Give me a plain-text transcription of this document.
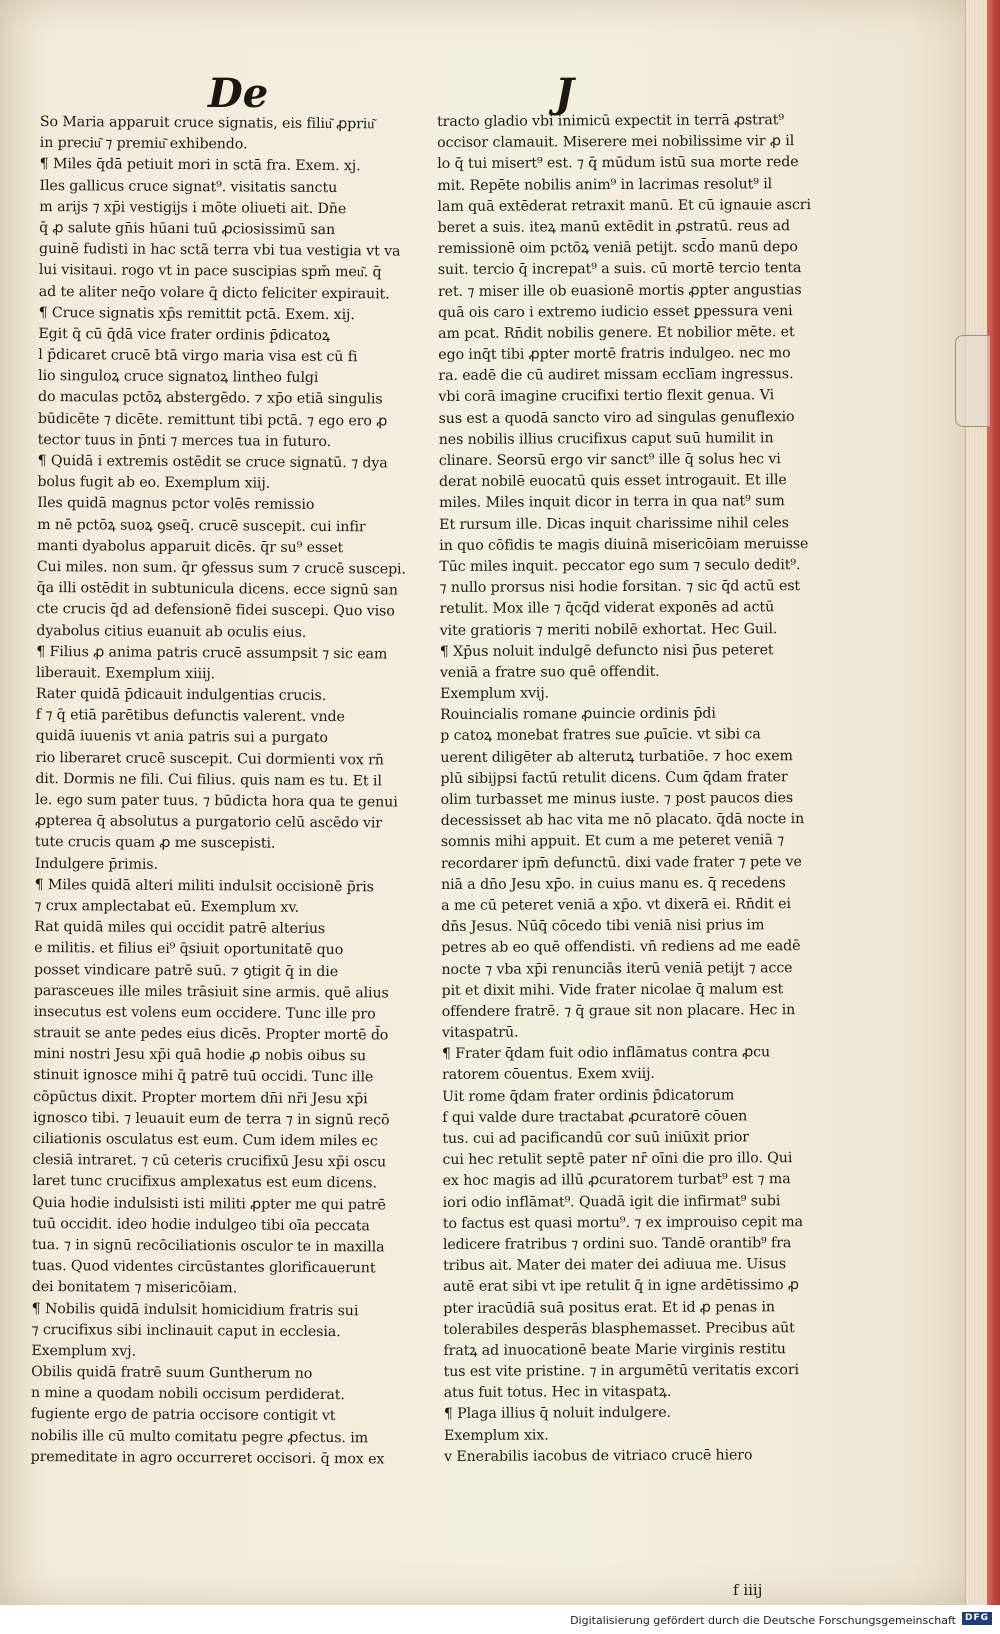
De	J
So Maria apparuit cruce signatis, eis filiu͂ ꝓpriu͂
in preciu͂ ⁊ premiu͂ exhibendo.
¶ Miles q̄dā petiuit mori in sctā fra. Exem. xj.
Iles gallicus cruce signat⁹. visitatis sanctu
m arijs ⁊ xp̄i vestigijs i mōte oliueti ait. Dn̄e
q̄ ꝓ salute gn̄is hūani tuū ꝓciosissimū san
guinē fudisti in hac sctā terra vbi tua vestigia vt va
lui visitaui. rogo vt in pace suscipias spm̄ meu͂. q̄
ad te aliter neq̄o volare q̄ dicto feliciter expirauit.
¶ Cruce signatis xp̄s remittit pctā. Exem. xij.
Egit q̄ cū q̄dā vice frater ordinis p̄dicatoꝝ
l p̄dicaret crucē btā virgo maria visa est cū fi
lio singuloꝝ cruce signatoꝝ lintheo fulgi
do maculas pctōꝝ abstergēdo. ⁊ xp̄o etiā singulis
būdicēte ⁊ dicēte. remittunt tibi pctā. ⁊ ego ero ꝓ
tector tuus in p̄nti ⁊ merces tua in futuro.
¶ Quidā i extremis ostēdit se cruce signatū. ⁊ dya
bolus fugit ab eo. Exemplum xiij.
Iles quidā magnus pctor volēs remissio
m nē pctōꝝ suoꝝ ꝯseq̄. crucē suscepit. cui infir
manti dyabolus apparuit dicēs. q̄r su⁹ esset
Cui miles. non sum. q̄r ꝯfessus sum ⁊ crucē suscepi.
q̄a illi ostēdit in subtunicula dicens. ecce signū san
cte crucis q̄d ad defensionē fidei suscepi. Quo viso
dyabolus citius euanuit ab oculis eius.
¶ Filius ꝓ anima patris crucē assumpsit ⁊ sic eam
liberauit. Exemplum xiiij.
Rater quidā p̄dicauit indulgentias crucis.
f ⁊ q̄ etiā parētibus defunctis valerent. vnde
quidā iuuenis vt ania patris sui a purgato
rio liberaret crucē suscepit. Cui dormienti vox rn̄
dit. Dormis ne fili. Cui filius. quis nam es tu. Et il
le. ego sum pater tuus. ⁊ būdicta hora qua te genui
ꝓpterea q̄ absolutus a purgatorio celū ascēdo vir
tute crucis quam ꝓ me suscepisti.
Indulgere p̄rimis.
¶ Miles quidā alteri militi indulsit occisionē p̄ris
⁊ crux amplectabat eū. Exemplum xv.
Rat quidā miles qui occidit patrē alterius
e militis. et filius ei⁹ q̄siuit oportunitatē quo
posset vindicare patrē suū. ⁊ ꝯtigit q̄ in die
parasceues ille miles trāsiuit sine armis. quē alius
insecutus est volens eum occidere. Tunc ille pro
strauit se ante pedes eius dicēs. Propter mortē d̄o
mini nostri Jesu xp̄i quā hodie ꝓ nobis oibus su
stinuit ignosce mihi q̄ patrē tuū occidi. Tunc ille
cōpūctus dixit. Propter mortem dn̄i nr̄i Jesu xp̄i
ignosco tibi. ⁊ leuauit eum de terra ⁊ in signū recō
ciliationis osculatus est eum. Cum idem miles ec
clesiā intraret. ⁊ cū ceteris crucifixū Jesu xp̄i oscu
laret tunc crucifixus amplexatus est eum dicens.
Quia hodie indulsisti isti militi ꝓpter me qui patrē
tuū occidit. ideo hodie indulgeo tibi oīa peccata
tua. ⁊ in signū recōciliationis osculor te in maxilla
tuas. Quod videntes circūstantes glorificauerunt
dei bonitatem ⁊ misericōiam.
¶ Nobilis quidā indulsit homicidium fratris sui
⁊ crucifixus sibi inclinauit caput in ecclesia.
Exemplum xvj.
Obilis quidā fratrē suum Guntherum no
n mine a quodam nobili occisum perdiderat.
fugiente ergo de patria occisore contigit vt
nobilis ille cū multo comitatu pegre ꝓfectus. im
premeditate in agro occurreret occisori. q̄ mox ex
tracto gladio vbi inimicū expectit in terrā ꝓstrat⁹
occisor clamauit. Miserere mei nobilissime vir ꝓ il
lo q̄ tui misert⁹ est. ⁊ q̄ mūdum istū sua morte rede
mit. Repēte nobilis anim⁹ in lacrimas resolut⁹ il
lam quā extēderat retraxit manū. Et cū ignauie ascri
beret a suis. iteꝝ manū extēdit in ꝓstratū. reus ad
remissionē oim pctōꝝ veniā petijt. scd̄o manū depo
suit. tercio q̄ increpat⁹ a suis. cū mortē tercio tenta
ret. ⁊ miser ille ob euasionē mortis ꝓpter angustias
quā ois caro i extremo iudicio esset ꝑpessura veni
am pcat. Rn̄dit nobilis genere. Et nobilior mēte. et
ego inq̄t tibi ꝓpter mortē fratris indulgeo. nec mo
ra. eadē die cū audiret missam ecclīam ingressus.
vbi corā imagine crucifixi tertio flexit genua. Vi
sus est a quodā sancto viro ad singulas genuflexio
nes nobilis illius crucifixus caput suū humilit in
clinare. Seorsū ergo vir sanct⁹ ille q̄ solus hec vi
derat nobilē euocatū quis esset introgauit. Et ille
miles. Miles inquit dicor in terra in qua nat⁹ sum
Et rursum ille. Dicas inquit charissime nihil celes
in quo cōfidis te magis diuinā misericōiam meruisse
Tūc miles inquit. peccator ego sum ⁊ seculo dedit⁹.
⁊ nullo prorsus nisi hodie forsitan. ⁊ sic q̄d actū est
retulit. Mox ille ⁊ q̄cq̄d viderat exponēs ad actū
vite gratioris ⁊ meriti nobilē exhortat. Hec Guil.
¶ Xp̄us noluit indulgē defuncto nisi p̄us peteret
veniā a fratre suo quē offendit.
Exemplum xvij.
Rouincialis romane ꝓuincie ordinis p̄di
p catoꝝ monebat fratres sue ꝓuīcie. vt sibi ca
uerent diligēter ab alterutꝝ turbatiōe. ⁊ hoc exem
plū sibijpsi factū retulit dicens. Cum q̄dam frater
olim turbasset me minus iuste. ⁊ post paucos dies
decessisset ab hac vita me nō placato. q̄dā nocte in
somnis mihi appuit. Et cum a me peteret veniā ⁊
recordarer ipm̄ defunctū. dixi vade frater ⁊ pete ve
niā a dn̄o Jesu xp̄o. in cuius manu es. q̄ recedens
a me cū peteret veniā a xp̄o. vt dixerā ei. Rn̄dit ei
dn̄s Jesus. Nūq̄ cōcedo tibi veniā nisi prius im
petres ab eo quē offendisti. vn̄ rediens ad me eadē
nocte ⁊ vba xp̄i renunciās iterū veniā petijt ⁊ acce
pit et dixit mihi. Vide frater nicolae q̄ malum est
offendere fratrē. ⁊ q̄ graue sit non placare. Hec in
vitaspatrū.
¶ Frater q̄dam fuit odio inflāmatus contra ꝓcu
ratorem cōuentus. Exem xviij.
Uit rome q̄dam frater ordinis p̄dicatorum
f qui valde dure tractabat ꝓcuratorē cōuen
tus. cui ad pacificandū cor suū iniūxit prior
cui hec retulit septē pater nr̄ oīni die pro illo. Qui
ex hoc magis ad illū ꝓcuratorem turbat⁹ est ⁊ ma
iori odio inflāmat⁹. Quadā igit die infirmat⁹ subi
to factus est quasi mortu⁹. ⁊ ex improuiso cepit ma
ledicere fratribus ⁊ ordini suo. Tandē orantib⁹ fra
tribus ait. Mater dei mater dei adiuua me. Uisus
autē erat sibi vt ipe retulit q̄ in igne ardētissimo ꝓ
pter iracūdiā suā positus erat. Et id ꝓ penas in
tolerabiles desperās blasphemasset. Precibus aūt
fratꝝ ad inuocationē beate Marie virginis restitu
tus est vite pristine. ⁊ in argumētū veritatis excori
atus fuit totus. Hec in vitaspatꝝ.
¶ Plaga illius q̄ noluit indulgere.
Exemplum xix.
v Enerabilis iacobus de vitriaco crucē hiero
f iiij
Digitalisierung gefördert durch die Deutsche Forschungsgemeinschaft DFG
